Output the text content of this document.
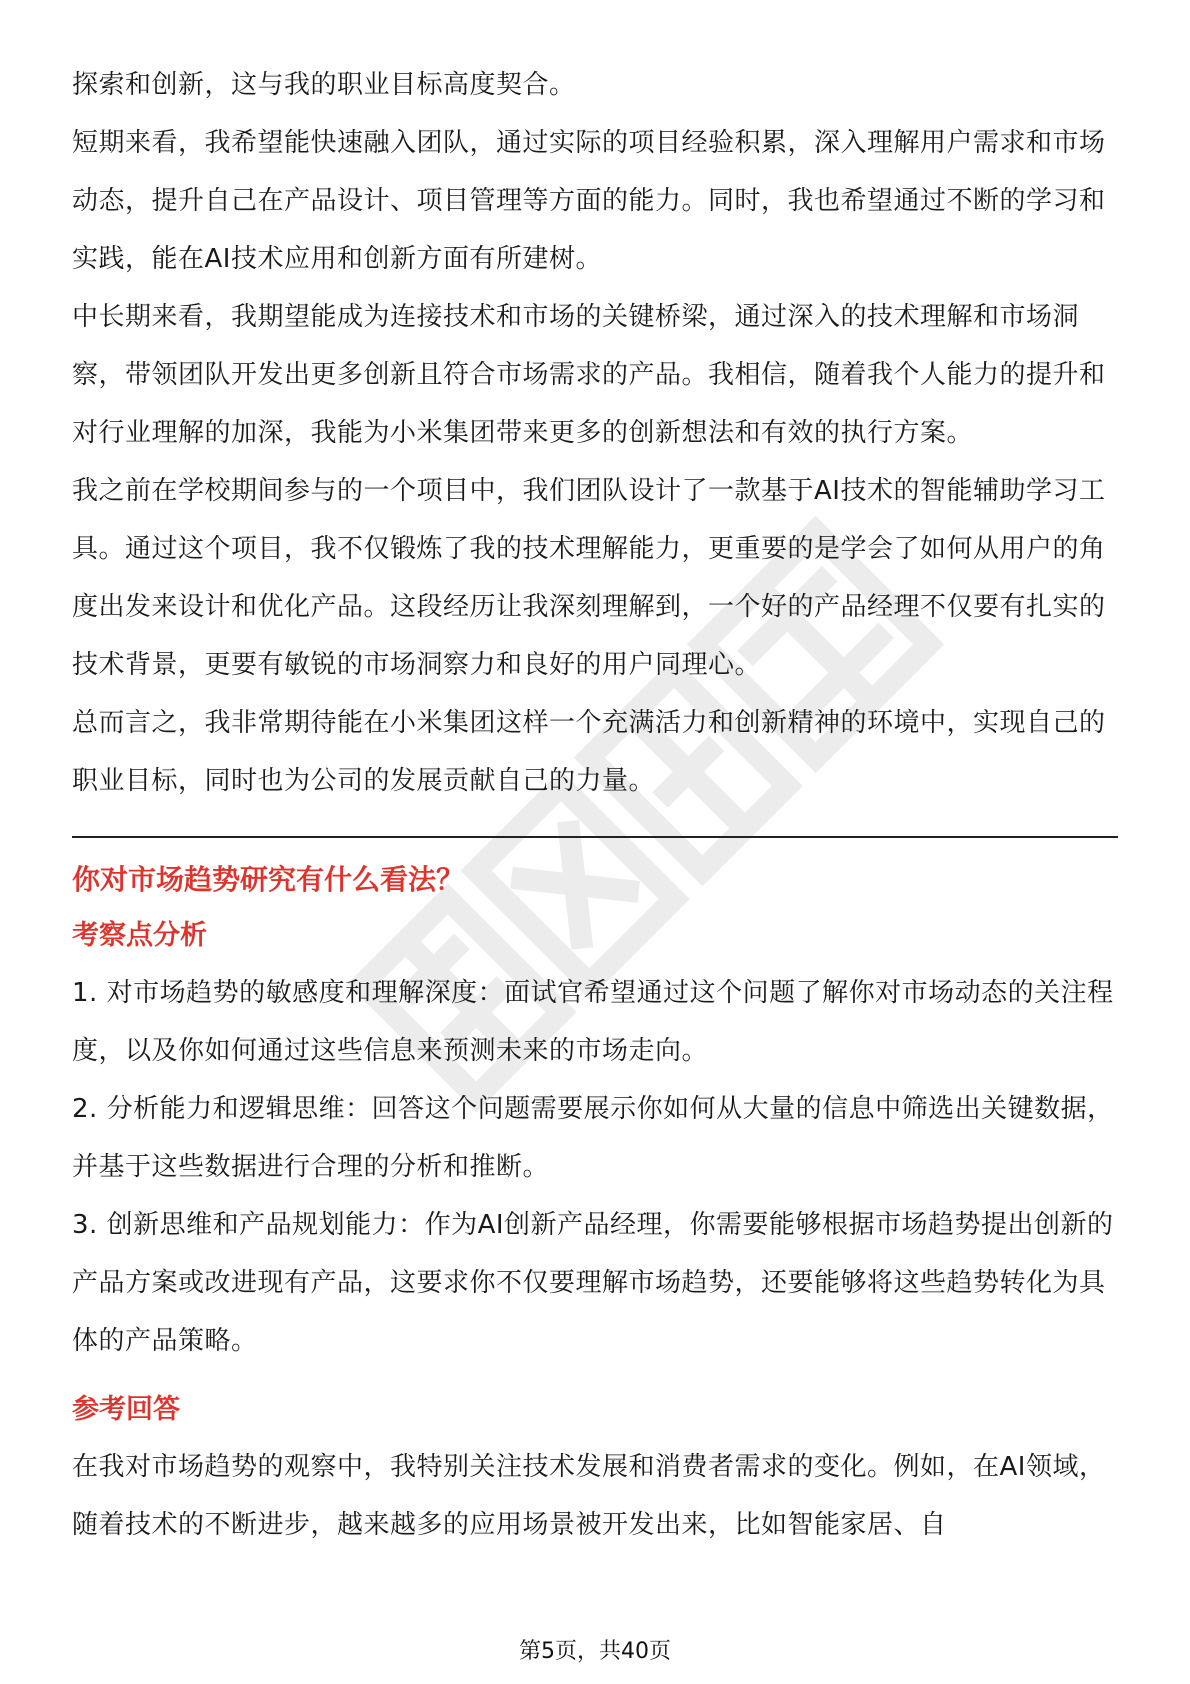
探索和创新，这与我的职业目标高度契合。

短期来看，我希望能快速融入团队，通过实际的项目经验积累，深入理解用户需求和市场动态，提升自己在产品设计、项目管理等方面的能力。同时，我也希望通过不断的学习和实践，能在AI技术应用和创新方面有所建树。

中长期来看，我期望能成为连接技术和市场的关键桥梁，通过深入的技术理解和市场洞察，带领团队开发出更多创新且符合市场需求的产品。我相信，随着我个人能力的提升和对行业理解的加深，我能为小米集团带来更多的创新想法和有效的执行方案。

我之前在学校期间参与的一个项目中，我们团队设计了一款基于AI技术的智能辅助学习工具。通过这个项目，我不仅锻炼了我的技术理解能力，更重要的是学会了如何从用户的角度出发来设计和优化产品。这段经历让我深刻理解到，一个好的产品经理不仅要有扎实的技术背景，更要有敏锐的市场洞察力和良好的用户同理心。

总而言之，我非常期待能在小米集团这样一个充满活力和创新精神的环境中，实现自己的职业目标，同时也为公司的发展贡献自己的力量。

你对市场趋势研究有什么看法？

考察点分析

1. 对市场趋势的敏感度和理解深度：面试官希望通过这个问题了解你对市场动态的关注程度，以及你如何通过这些信息来预测未来的市场走向。

2. 分析能力和逻辑思维：回答这个问题需要展示你如何从大量的信息中筛选出关键数据，并基于这些数据进行合理的分析和推断。

3. 创新思维和产品规划能力：作为AI创新产品经理，你需要能够根据市场趋势提出创新的产品方案或改进现有产品，这要求你不仅要理解市场趋势，还要能够将这些趋势转化为具体的产品策略。

参考回答

在我对市场趋势的观察中，我特别关注技术发展和消费者需求的变化。例如，在AI领域，随着技术的不断进步，越来越多的应用场景被开发出来，比如智能家居、自

第5页，共40页
